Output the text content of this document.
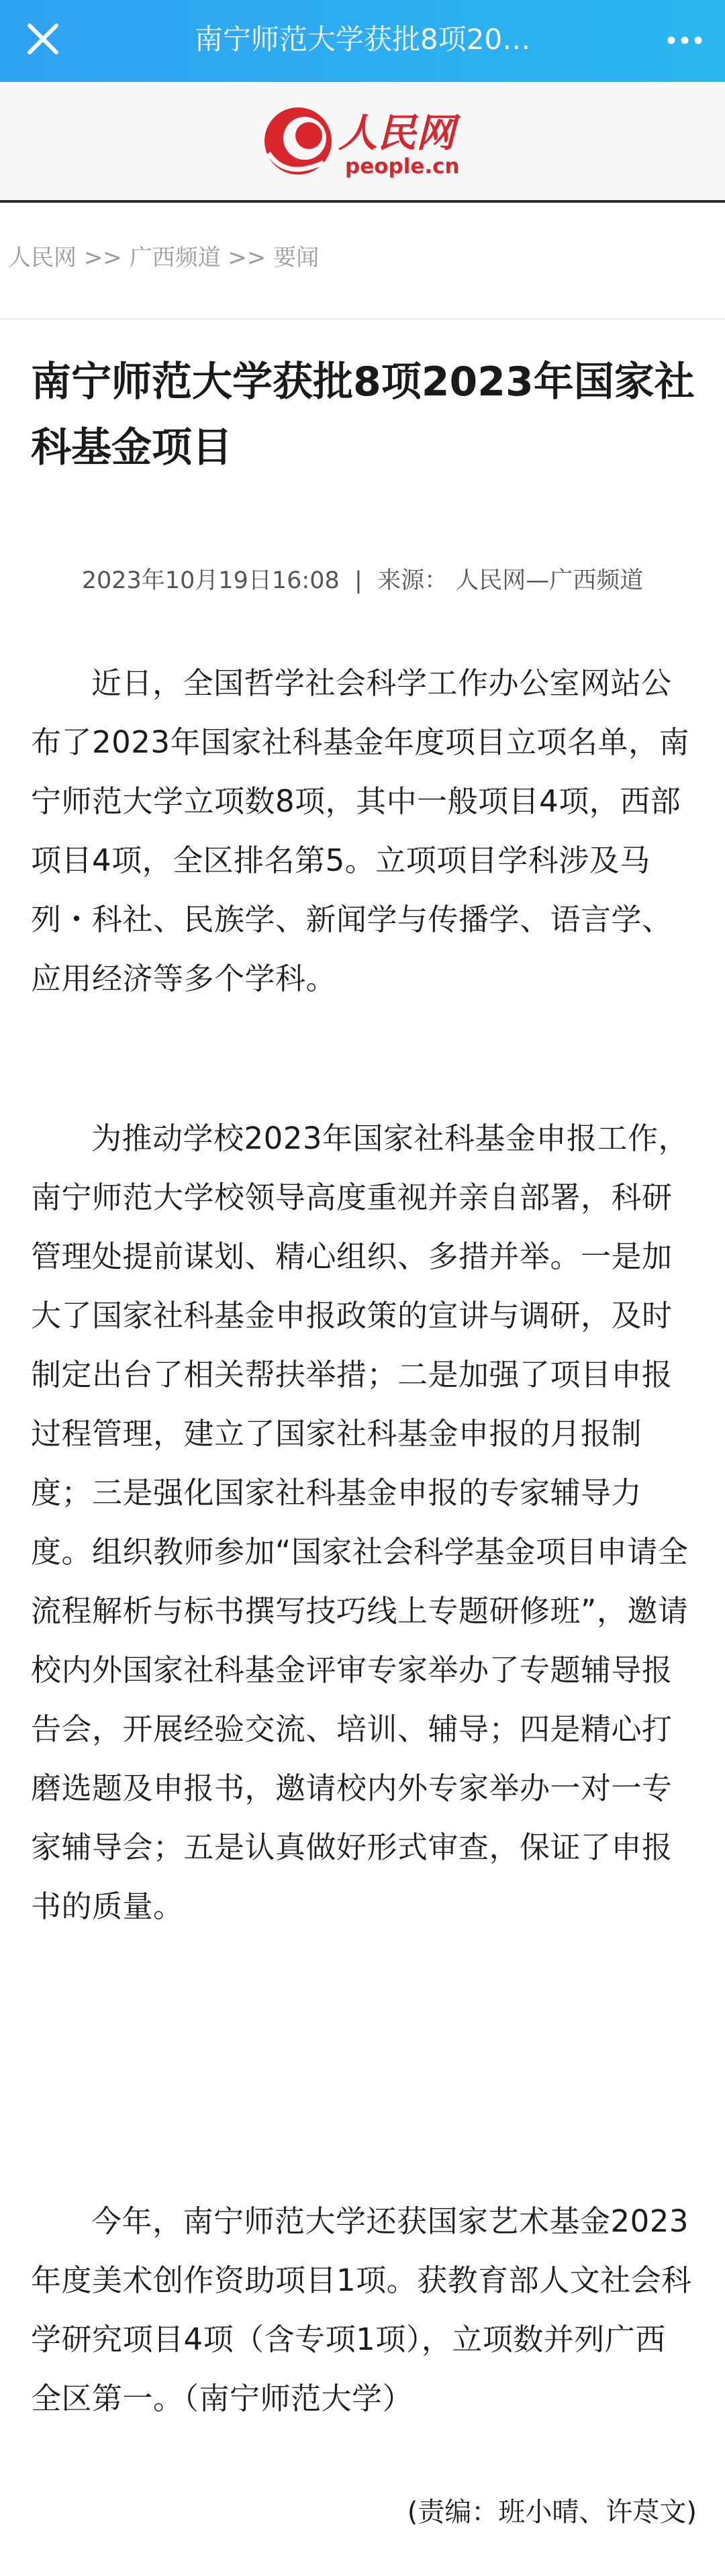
南宁师范大学获批8项20…
人民网
people.cn
人民网 >> 广西频道 >> 要闻
南宁师范大学获批8项2023年国家社科基金项目
2023年10月19日16:08  |  来源： 人民网—广西频道

近日，全国哲学社会科学工作办公室网站公布了2023年国家社科基金年度项目立项名单，南宁师范大学立项数8项，其中一般项目4项，西部项目4项，全区排名第5。立项项目学科涉及马列・科社、民族学、新闻学与传播学、语言学、应用经济等多个学科。

为推动学校2023年国家社科基金申报工作，南宁师范大学校领导高度重视并亲自部署，科研管理处提前谋划、精心组织、多措并举。一是加大了国家社科基金申报政策的宣讲与调研，及时制定出台了相关帮扶举措；二是加强了项目申报过程管理，建立了国家社科基金申报的月报制度；三是强化国家社科基金申报的专家辅导力度。组织教师参加“国家社会科学基金项目申请全流程解析与标书撰写技巧线上专题研修班”，邀请校内外国家社科基金评审专家举办了专题辅导报告会，开展经验交流、培训、辅导；四是精心打磨选题及申报书，邀请校内外专家举办一对一专家辅导会；五是认真做好形式审查，保证了申报书的质量。

今年，南宁师范大学还获国家艺术基金2023年度美术创作资助项目1项。获教育部人文社会科学研究项目4项（含专项1项），立项数并列广西全区第一。（南宁师范大学）

(责编：班小晴、许荩文)
